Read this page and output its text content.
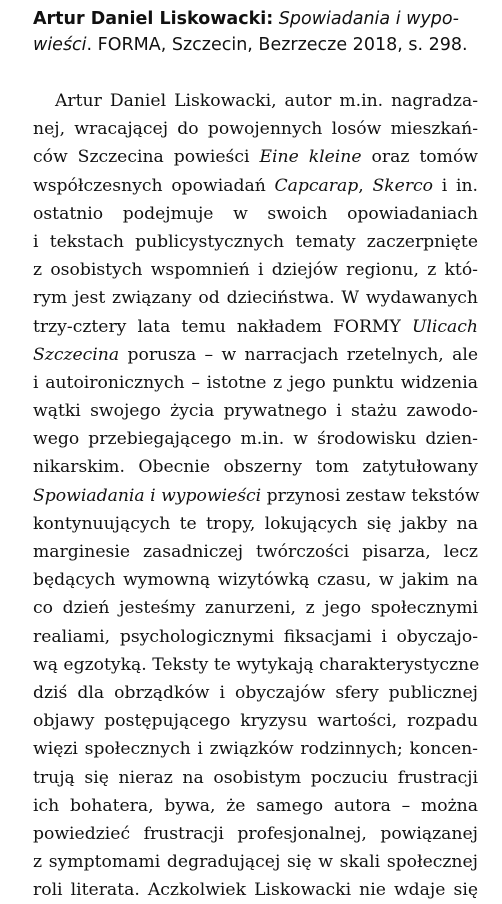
Artur Daniel Liskowacki: Spowiadania i wypo-
wieści. FORMA, Szczecin, Bezrzecze 2018, s. 298.
Artur Daniel Liskowacki, autor m.in. nagradza-
nej, wracającej do powojennych losów mieszkań-
ców Szczecina powieści Eine kleine oraz tomów
współczesnych opowiadań Capcarap, Skerco i in.
ostatnio podejmuje w swoich opowiadaniach
i tekstach publicystycznych tematy zaczerpnięte
z osobistych wspomnień i dziejów regionu, z któ-
rym jest związany od dzieciństwa. W wydawanych
trzy-cztery lata temu nakładem FORMY Ulicach
Szczecina porusza – w narracjach rzetelnych, ale
i autoironicznych – istotne z jego punktu widzenia
wątki swojego życia prywatnego i stażu zawodo-
wego przebiegającego m.in. w środowisku dzien-
nikarskim. Obecnie obszerny tom zatytułowany
Spowiadania i wypowieści przynosi zestaw tekstów
kontynuujących te tropy, lokujących się jakby na
marginesie zasadniczej twórczości pisarza, lecz
będących wymowną wizytówką czasu, w jakim na
co dzień jesteśmy zanurzeni, z jego społecznymi
realiami, psychologicznymi fiksacjami i obyczajo-
wą egzotyką. Teksty te wytykają charakterystyczne
dziś dla obrządków i obyczajów sfery publicznej
objawy postępującego kryzysu wartości, rozpadu
więzi społecznych i związków rodzinnych; koncen-
trują się nieraz na osobistym poczuciu frustracji
ich bohatera, bywa, że samego autora – można
powiedzieć frustracji profesjonalnej, powiązanej
z symptomami degradującej się w skali społecznej
roli literata. Aczkolwiek Liskowacki nie wdaje się
